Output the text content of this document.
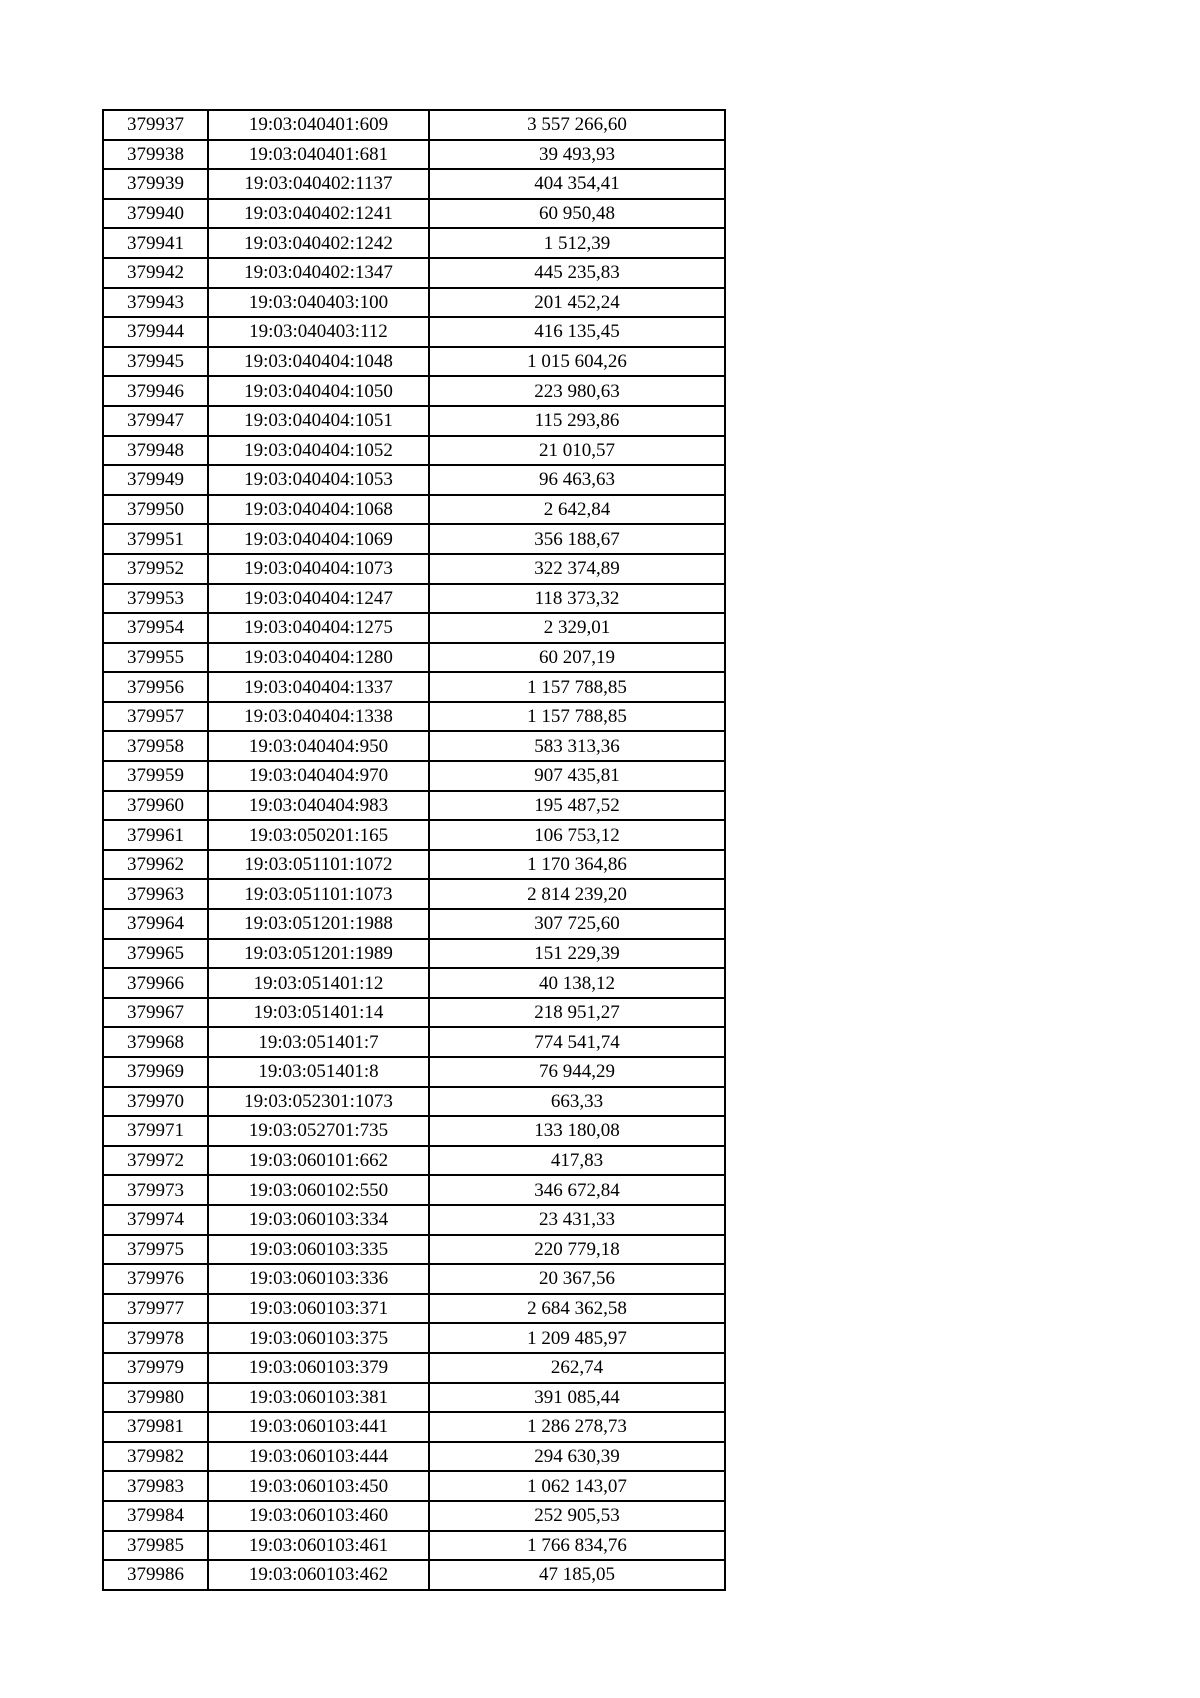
379937	19:03:040401:609	3 557 266,60
379938	19:03:040401:681	39 493,93
379939	19:03:040402:1137	404 354,41
379940	19:03:040402:1241	60 950,48
379941	19:03:040402:1242	1 512,39
379942	19:03:040402:1347	445 235,83
379943	19:03:040403:100	201 452,24
379944	19:03:040403:112	416 135,45
379945	19:03:040404:1048	1 015 604,26
379946	19:03:040404:1050	223 980,63
379947	19:03:040404:1051	115 293,86
379948	19:03:040404:1052	21 010,57
379949	19:03:040404:1053	96 463,63
379950	19:03:040404:1068	2 642,84
379951	19:03:040404:1069	356 188,67
379952	19:03:040404:1073	322 374,89
379953	19:03:040404:1247	118 373,32
379954	19:03:040404:1275	2 329,01
379955	19:03:040404:1280	60 207,19
379956	19:03:040404:1337	1 157 788,85
379957	19:03:040404:1338	1 157 788,85
379958	19:03:040404:950	583 313,36
379959	19:03:040404:970	907 435,81
379960	19:03:040404:983	195 487,52
379961	19:03:050201:165	106 753,12
379962	19:03:051101:1072	1 170 364,86
379963	19:03:051101:1073	2 814 239,20
379964	19:03:051201:1988	307 725,60
379965	19:03:051201:1989	151 229,39
379966	19:03:051401:12	40 138,12
379967	19:03:051401:14	218 951,27
379968	19:03:051401:7	774 541,74
379969	19:03:051401:8	76 944,29
379970	19:03:052301:1073	663,33
379971	19:03:052701:735	133 180,08
379972	19:03:060101:662	417,83
379973	19:03:060102:550	346 672,84
379974	19:03:060103:334	23 431,33
379975	19:03:060103:335	220 779,18
379976	19:03:060103:336	20 367,56
379977	19:03:060103:371	2 684 362,58
379978	19:03:060103:375	1 209 485,97
379979	19:03:060103:379	262,74
379980	19:03:060103:381	391 085,44
379981	19:03:060103:441	1 286 278,73
379982	19:03:060103:444	294 630,39
379983	19:03:060103:450	1 062 143,07
379984	19:03:060103:460	252 905,53
379985	19:03:060103:461	1 766 834,76
379986	19:03:060103:462	47 185,05
